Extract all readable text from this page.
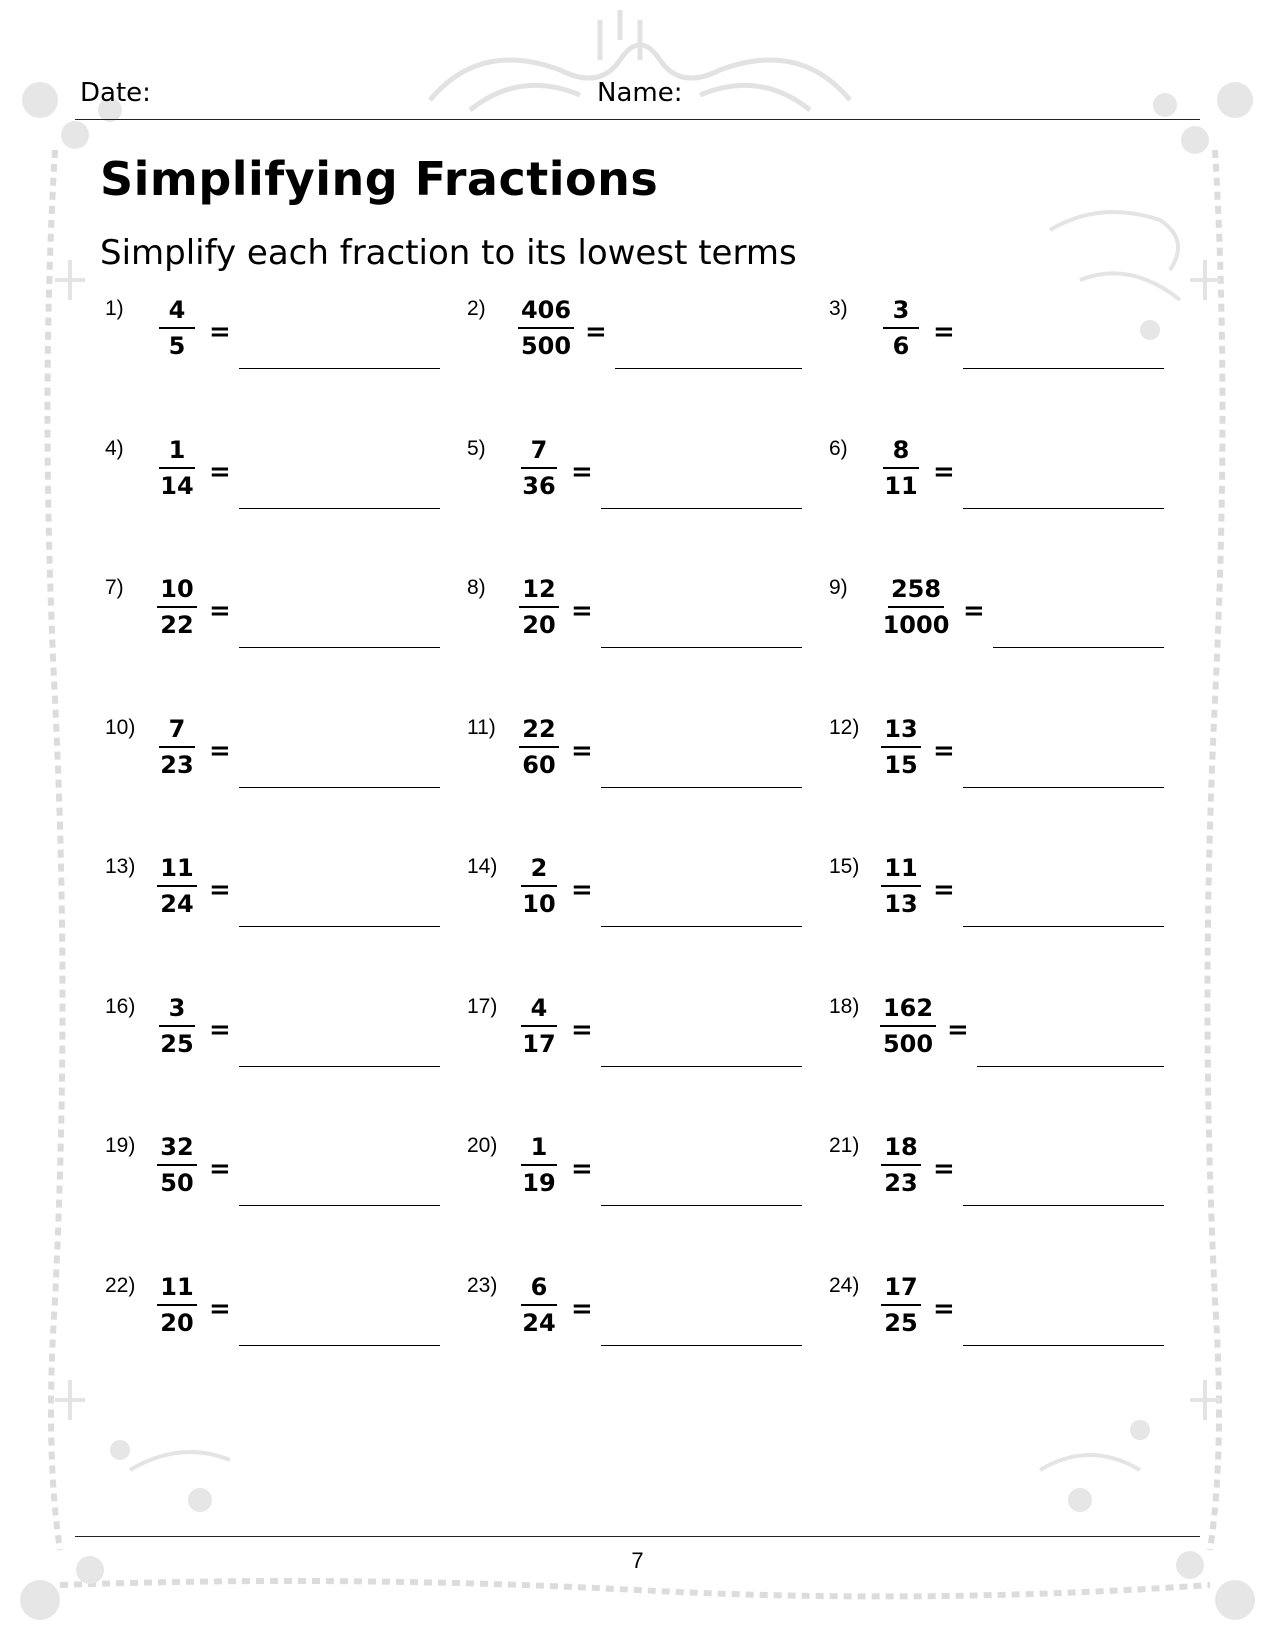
Date:	Name:
Simplifying Fractions
Simplify each fraction to its lowest terms
$1) \frac{4}{5}$ =
$2) \frac{406}{500}$ =
$3) \frac{3}{6}$ =
$4) \frac{1}{14}$ =
$5) \frac{7}{36}$ =
$6) \frac{8}{11}$ =
$7) \frac{10}{22}$ =
$8) \frac{12}{20}$ =
$9) \frac{258}{1000}$ =
$10) \frac{7}{23}$ =
$11) \frac{22}{60}$ =
$12) \frac{13}{15}$ =
$13) \frac{11}{24}$ =
$14) \frac{2}{10}$ =
$15) \frac{11}{13}$ =
$16) \frac{3}{25}$ =
$17) \frac{4}{17}$ =
$18) \frac{162}{500}$ =
$19) \frac{32}{50}$ =
$20) \frac{1}{19}$ =
$21) \frac{18}{23}$ =
$22) \frac{11}{20}$ =
$23) \frac{6}{24}$ =
$24) \frac{17}{25}$ =
7
